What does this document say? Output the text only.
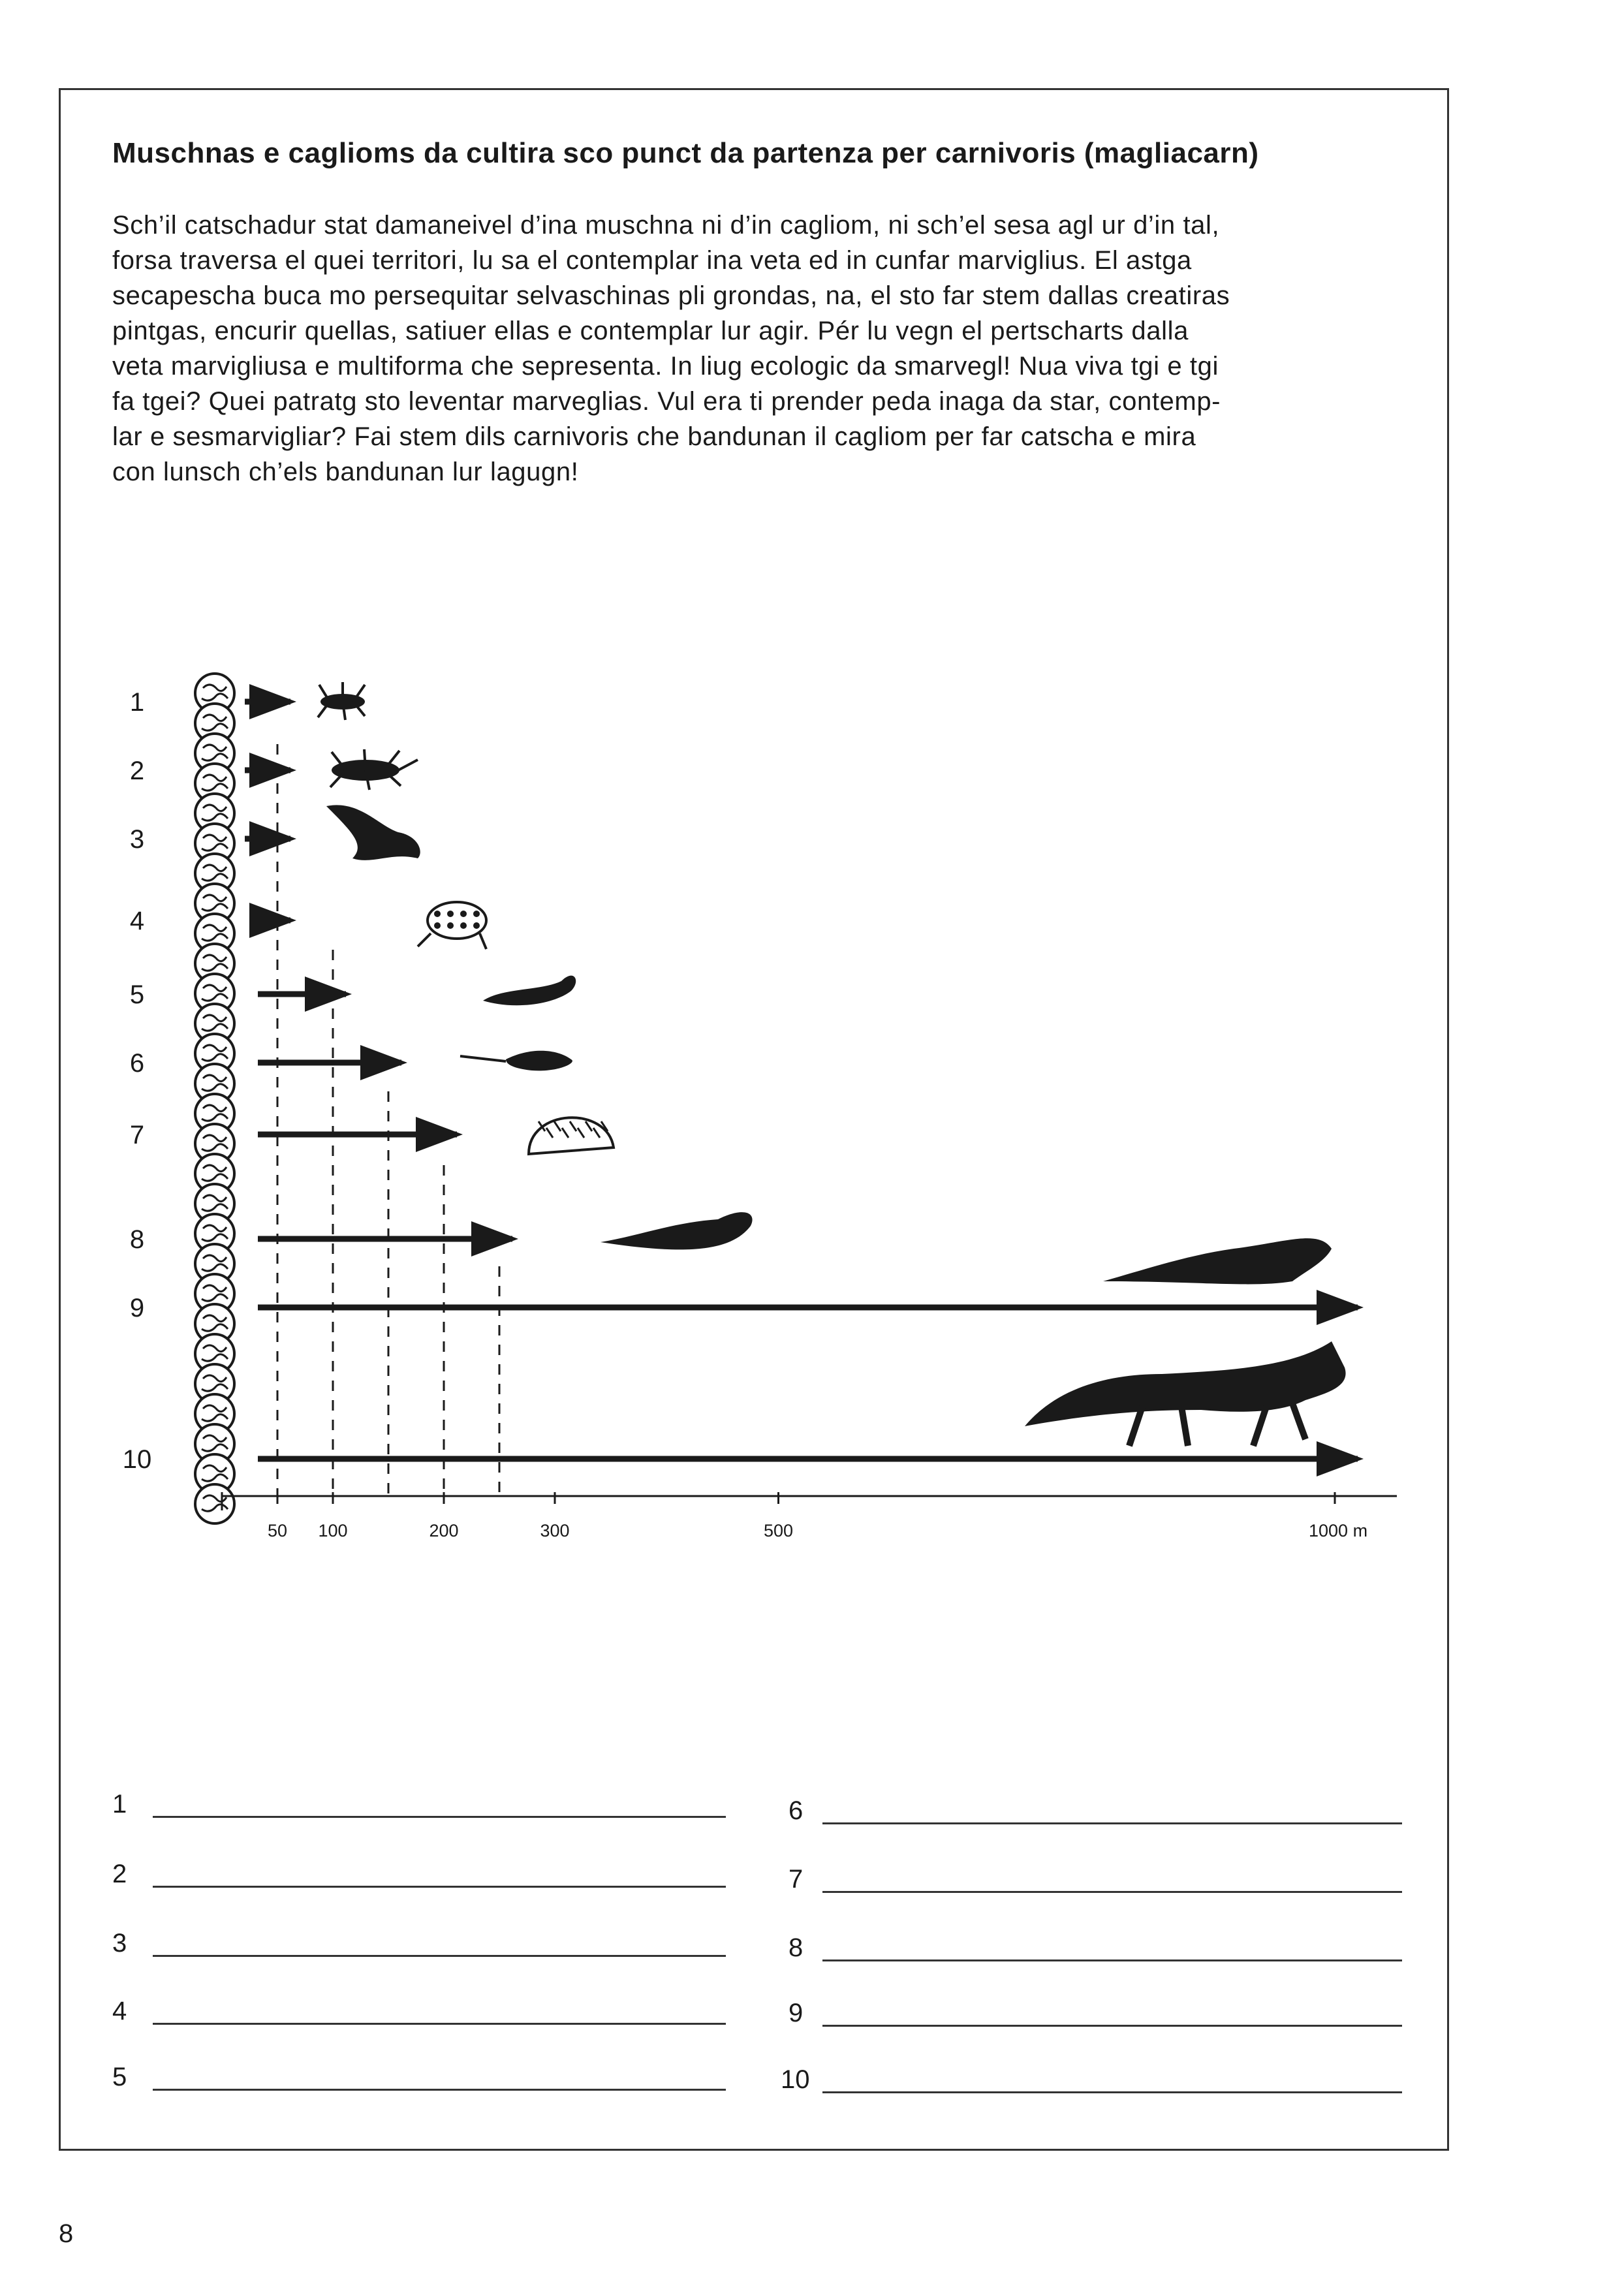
Muschnas e caglioms da cultira sco punct da partenza per carnivoris (magliacarn)
Sch’il catschadur stat damaneivel d’ina muschna ni d’in cagliom, ni sch’el sesa agl ur d’in tal,
forsa traversa el quei territori, lu sa el contemplar ina veta ed in cunfar marviglius. El astga
secapescha buca mo persequitar selvaschinas pli grondas, na, el sto far stem dallas creatiras
pintgas, encurir quellas, satiuer ellas e contemplar lur agir. Pér lu vegn el pertscharts dalla
veta marvigliusa e multiforma che sepresenta. In liug ecologic da smarvegl! Nua viva tgi e tgi
fa tgei? Quei patratg sto leventar marveglias. Vul era ti prender peda inaga da star, contemp-
lar e sesmarvigliar? Fai stem dils carnivoris che bandunan il cagliom per far catscha e mira
con lunsch ch’els bandunan lur lagugn!
1
2
3
4
5
6
7
8
9
10
50 100	200	300	500	1000 m
1
2
3
4
5
6
7
8
9
10
8
